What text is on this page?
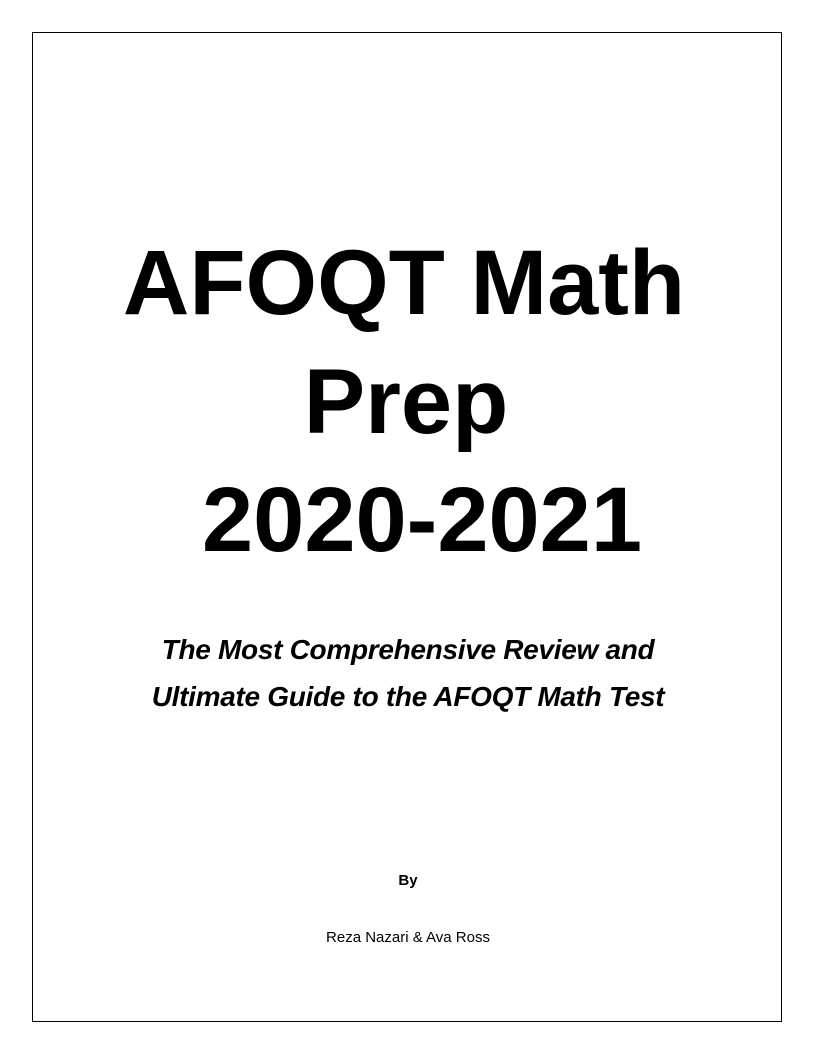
AFOQT Math
Prep
2020-2021
The Most Comprehensive Review and
Ultimate Guide to the AFOQT Math Test
By
Reza Nazari & Ava Ross
